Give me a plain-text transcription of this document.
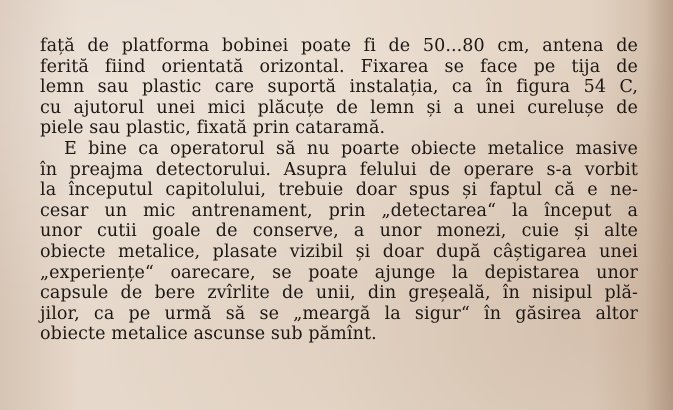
față de platforma bobinei poate fi de 50...80 cm, antena de
ferită fiind orientată orizontal. Fixarea se face pe tija de
lemn sau plastic care suportă instalația, ca în figura 54 C,
cu ajutorul unei mici plăcuțe de lemn și a unei curelușe de
piele sau plastic, fixată prin cataramă.
E bine ca operatorul să nu poarte obiecte metalice masive
în preajma detectorului. Asupra felului de operare s-a vorbit
la începutul capitolului, trebuie doar spus și faptul că e ne-
cesar un mic antrenament, prin „detectarea“ la început a
unor cutii goale de conserve, a unor monezi, cuie și alte
obiecte metalice, plasate vizibil și doar după câștigarea unei
„experiențe“ oarecare, se poate ajunge la depistarea unor
capsule de bere zvîrlite de unii, din greșeală, în nisipul plă-
jilor, ca pe urmă să se „meargă la sigur“ în găsirea altor
obiecte metalice ascunse sub pămînt.
